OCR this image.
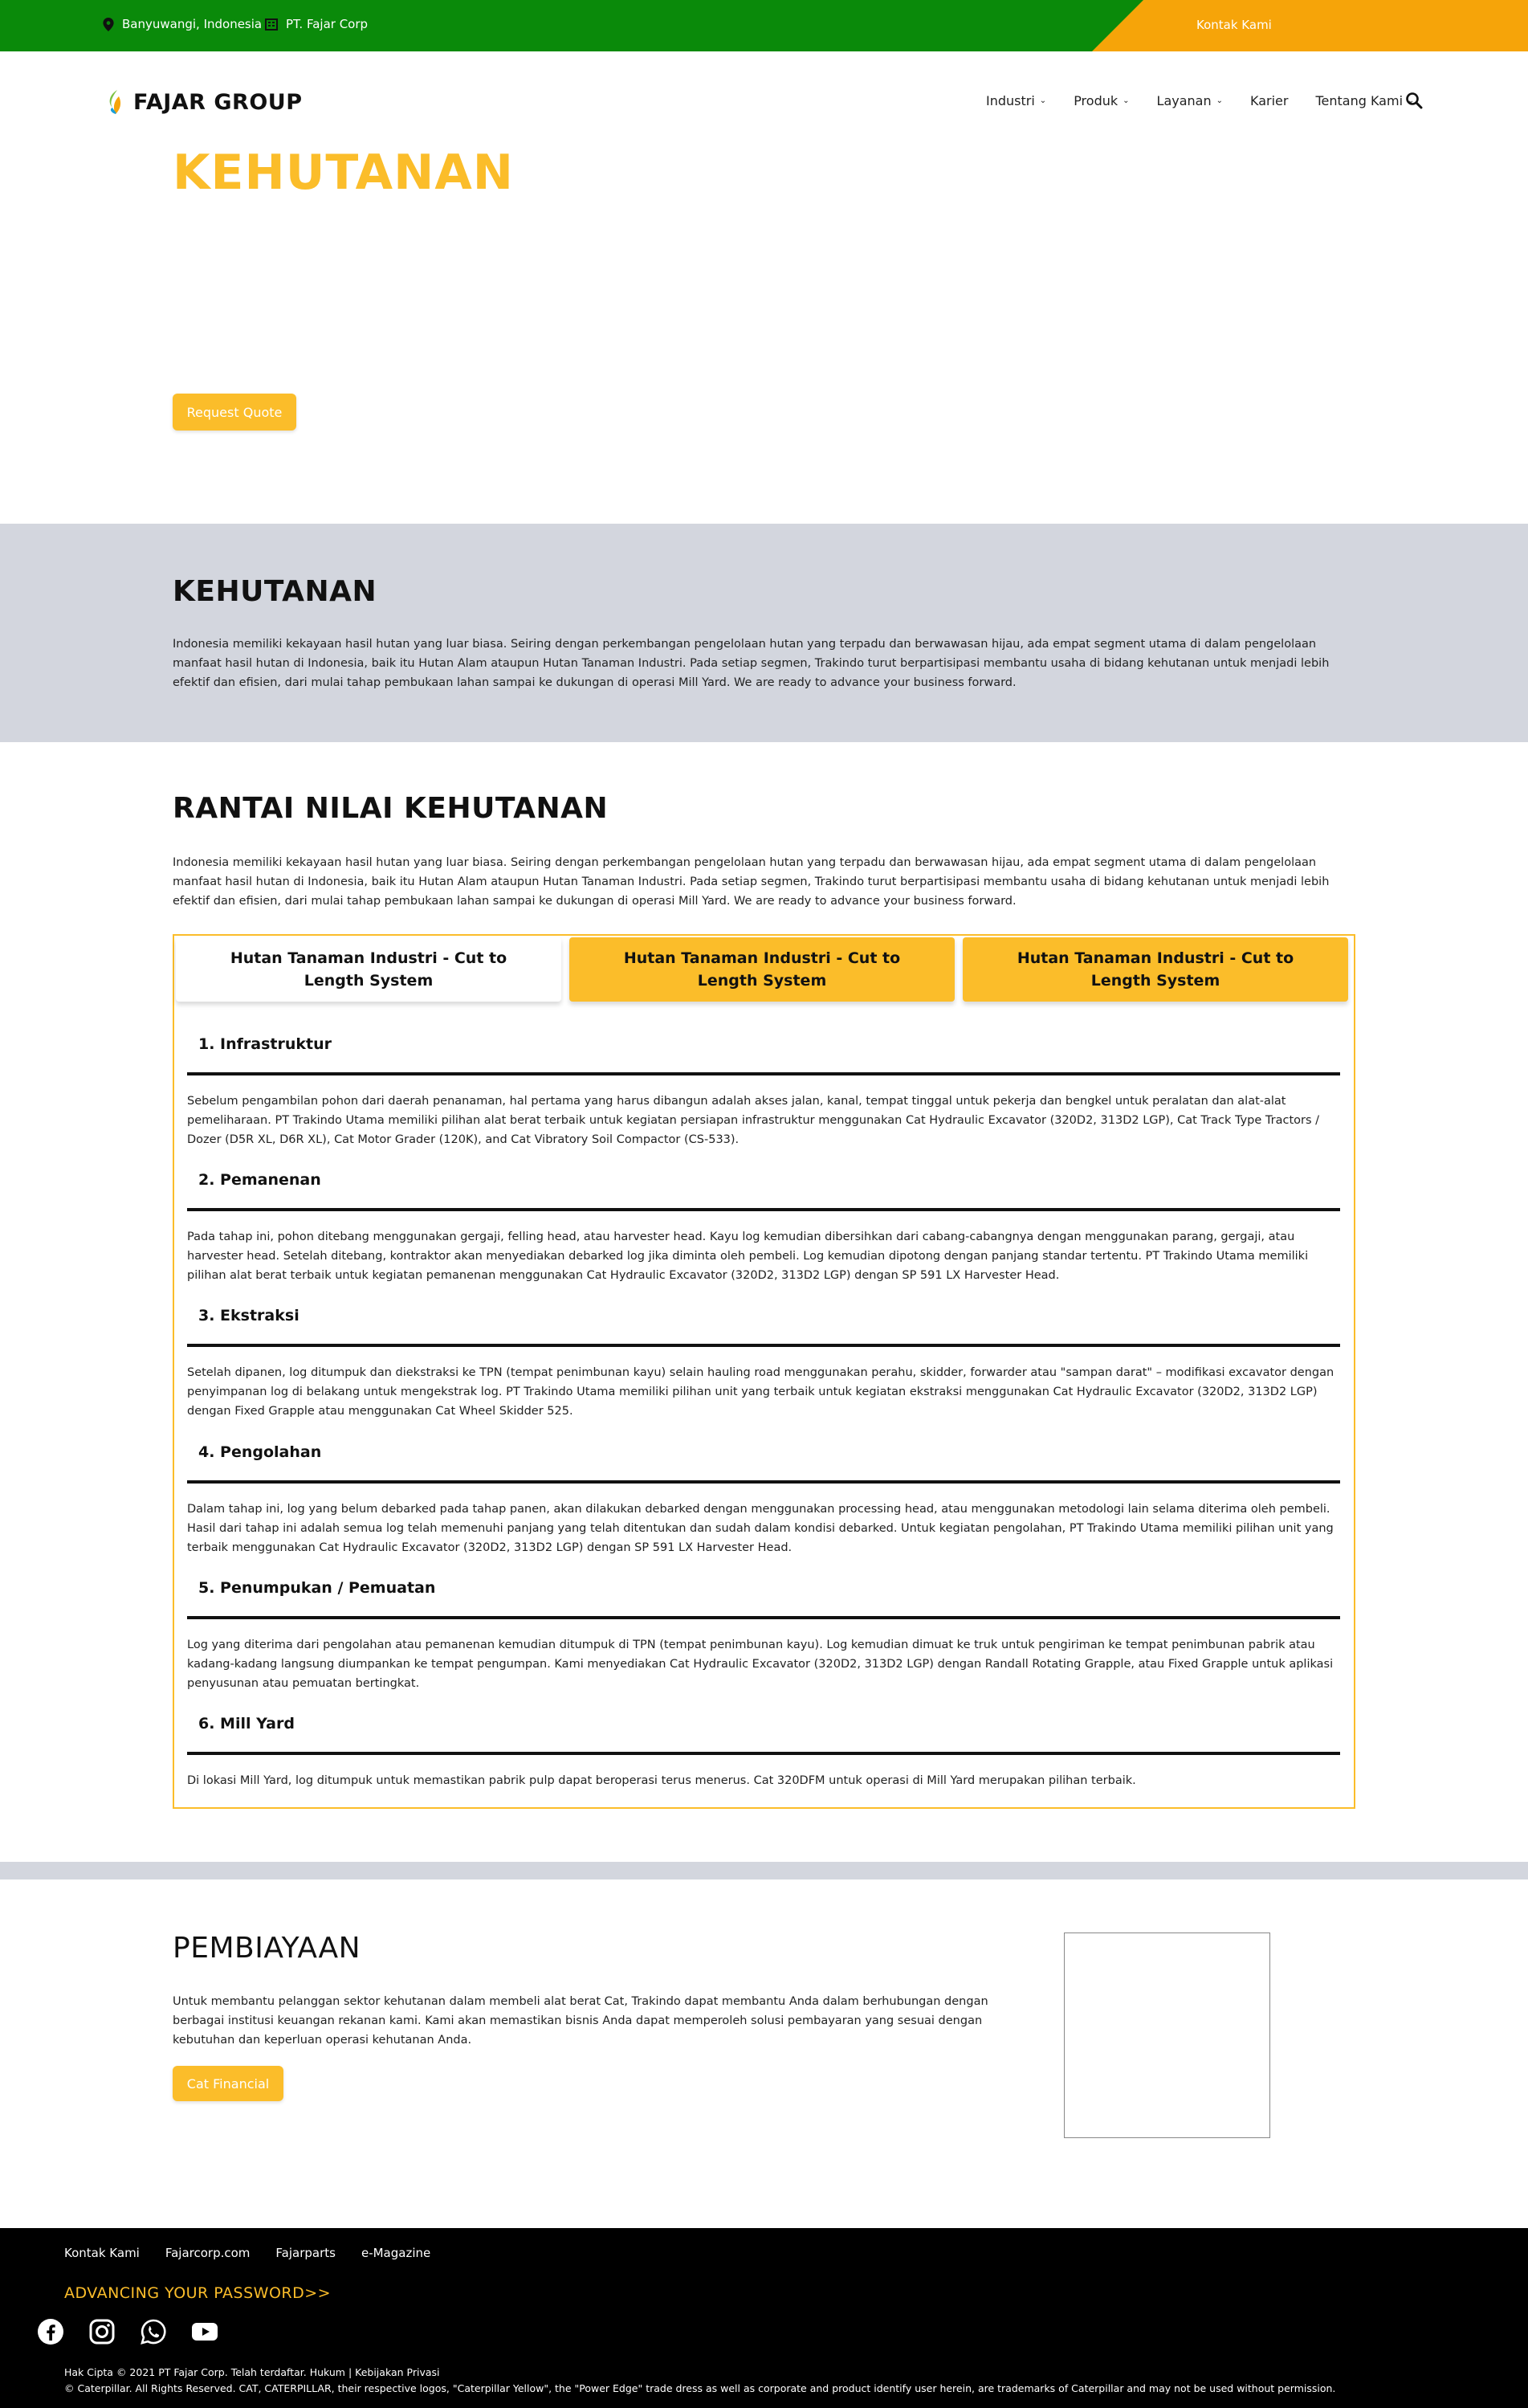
Banyuwangi, Indonesia PT. Fajar Corp	Kontak Kami
FAJAR GROUP	Industri ⌄ Produk ⌄ Layanan ⌄ Karier Tentang Kami ⌄
KEHUTANAN
Request Quote
KEHUTANAN
Indonesia memiliki kekayaan hasil hutan yang luar biasa. Seiring dengan perkembangan pengelolaan hutan yang terpadu dan berwawasan hijau, ada empat segment utama di dalam pengelolaan manfaat hasil hutan di Indonesia, baik itu Hutan Alam ataupun Hutan Tanaman Industri. Pada setiap segmen, Trakindo turut berpartisipasi membantu usaha di bidang kehutanan untuk menjadi lebih efektif dan efisien, dari mulai tahap pembukaan lahan sampai ke dukungan di operasi Mill Yard. We are ready to advance your business forward.
RANTAI NILAI KEHUTANAN
Indonesia memiliki kekayaan hasil hutan yang luar biasa. Seiring dengan perkembangan pengelolaan hutan yang terpadu dan berwawasan hijau, ada empat segment utama di dalam pengelolaan manfaat hasil hutan di Indonesia, baik itu Hutan Alam ataupun Hutan Tanaman Industri. Pada setiap segmen, Trakindo turut berpartisipasi membantu usaha di bidang kehutanan untuk menjadi lebih efektif dan efisien, dari mulai tahap pembukaan lahan sampai ke dukungan di operasi Mill Yard. We are ready to advance your business forward.
Hutan Tanaman Industri - Cut to Length System
Hutan Tanaman Industri - Cut to Length System
Hutan Tanaman Industri - Cut to Length System
1. Infrastruktur
Sebelum pengambilan pohon dari daerah penanaman, hal pertama yang harus dibangun adalah akses jalan, kanal, tempat tinggal untuk pekerja dan bengkel untuk peralatan dan alat-alat pemeliharaan. PT Trakindo Utama memiliki pilihan alat berat terbaik untuk kegiatan persiapan infrastruktur menggunakan Cat Hydraulic Excavator (320D2, 313D2 LGP), Cat Track Type Tractors / Dozer (D5R XL, D6R XL), Cat Motor Grader (120K), and Cat Vibratory Soil Compactor (CS-533).
2. Pemanenan
Pada tahap ini, pohon ditebang menggunakan gergaji, felling head, atau harvester head. Kayu log kemudian dibersihkan dari cabang-cabangnya dengan menggunakan parang, gergaji, atau harvester head. Setelah ditebang, kontraktor akan menyediakan debarked log jika diminta oleh pembeli. Log kemudian dipotong dengan panjang standar tertentu. PT Trakindo Utama memiliki pilihan alat berat terbaik untuk kegiatan pemanenan menggunakan Cat Hydraulic Excavator (320D2, 313D2 LGP) dengan SP 591 LX Harvester Head.
3. Ekstraksi
Setelah dipanen, log ditumpuk dan diekstraksi ke TPN (tempat penimbunan kayu) selain hauling road menggunakan perahu, skidder, forwarder atau "sampan darat" – modifikasi excavator dengan penyimpanan log di belakang untuk mengekstrak log. PT Trakindo Utama memiliki pilihan unit yang terbaik untuk kegiatan ekstraksi menggunakan Cat Hydraulic Excavator (320D2, 313D2 LGP) dengan Fixed Grapple atau menggunakan Cat Wheel Skidder 525.
4. Pengolahan
Dalam tahap ini, log yang belum debarked pada tahap panen, akan dilakukan debarked dengan menggunakan processing head, atau menggunakan metodologi lain selama diterima oleh pembeli. Hasil dari tahap ini adalah semua log telah memenuhi panjang yang telah ditentukan dan sudah dalam kondisi debarked. Untuk kegiatan pengolahan, PT Trakindo Utama memiliki pilihan unit yang terbaik menggunakan Cat Hydraulic Excavator (320D2, 313D2 LGP) dengan SP 591 LX Harvester Head.
5. Penumpukan / Pemuatan
Log yang diterima dari pengolahan atau pemanenan kemudian ditumpuk di TPN (tempat penimbunan kayu). Log kemudian dimuat ke truk untuk pengiriman ke tempat penimbunan pabrik atau kadang-kadang langsung diumpankan ke tempat pengumpan. Kami menyediakan Cat Hydraulic Excavator (320D2, 313D2 LGP) dengan Randall Rotating Grapple, atau Fixed Grapple untuk aplikasi penyusunan atau pemuatan bertingkat.
6. Mill Yard
Di lokasi Mill Yard, log ditumpuk untuk memastikan pabrik pulp dapat beroperasi terus menerus. Cat 320DFM untuk operasi di Mill Yard merupakan pilihan terbaik.
PEMBIAYAAN
Untuk membantu pelanggan sektor kehutanan dalam membeli alat berat Cat, Trakindo dapat membantu Anda dalam berhubungan dengan berbagai institusi keuangan rekanan kami. Kami akan memastikan bisnis Anda dapat memperoleh solusi pembayaran yang sesuai dengan kebutuhan dan keperluan operasi kehutanan Anda.
Cat Financial
Kontak Kami Fajarcorp.com Fajarparts e-Magazine
ADVANCING YOUR PASSWORD>>
Hak Cipta © 2021 PT Fajar Corp. Telah terdaftar. Hukum | Kebijakan Privasi
© Caterpillar. All Rights Reserved. CAT, CATERPILLAR, their respective logos, "Caterpillar Yellow", the "Power Edge" trade dress as well as corporate and product identify user herein, are trademarks of Caterpillar and may not be used without permission.
